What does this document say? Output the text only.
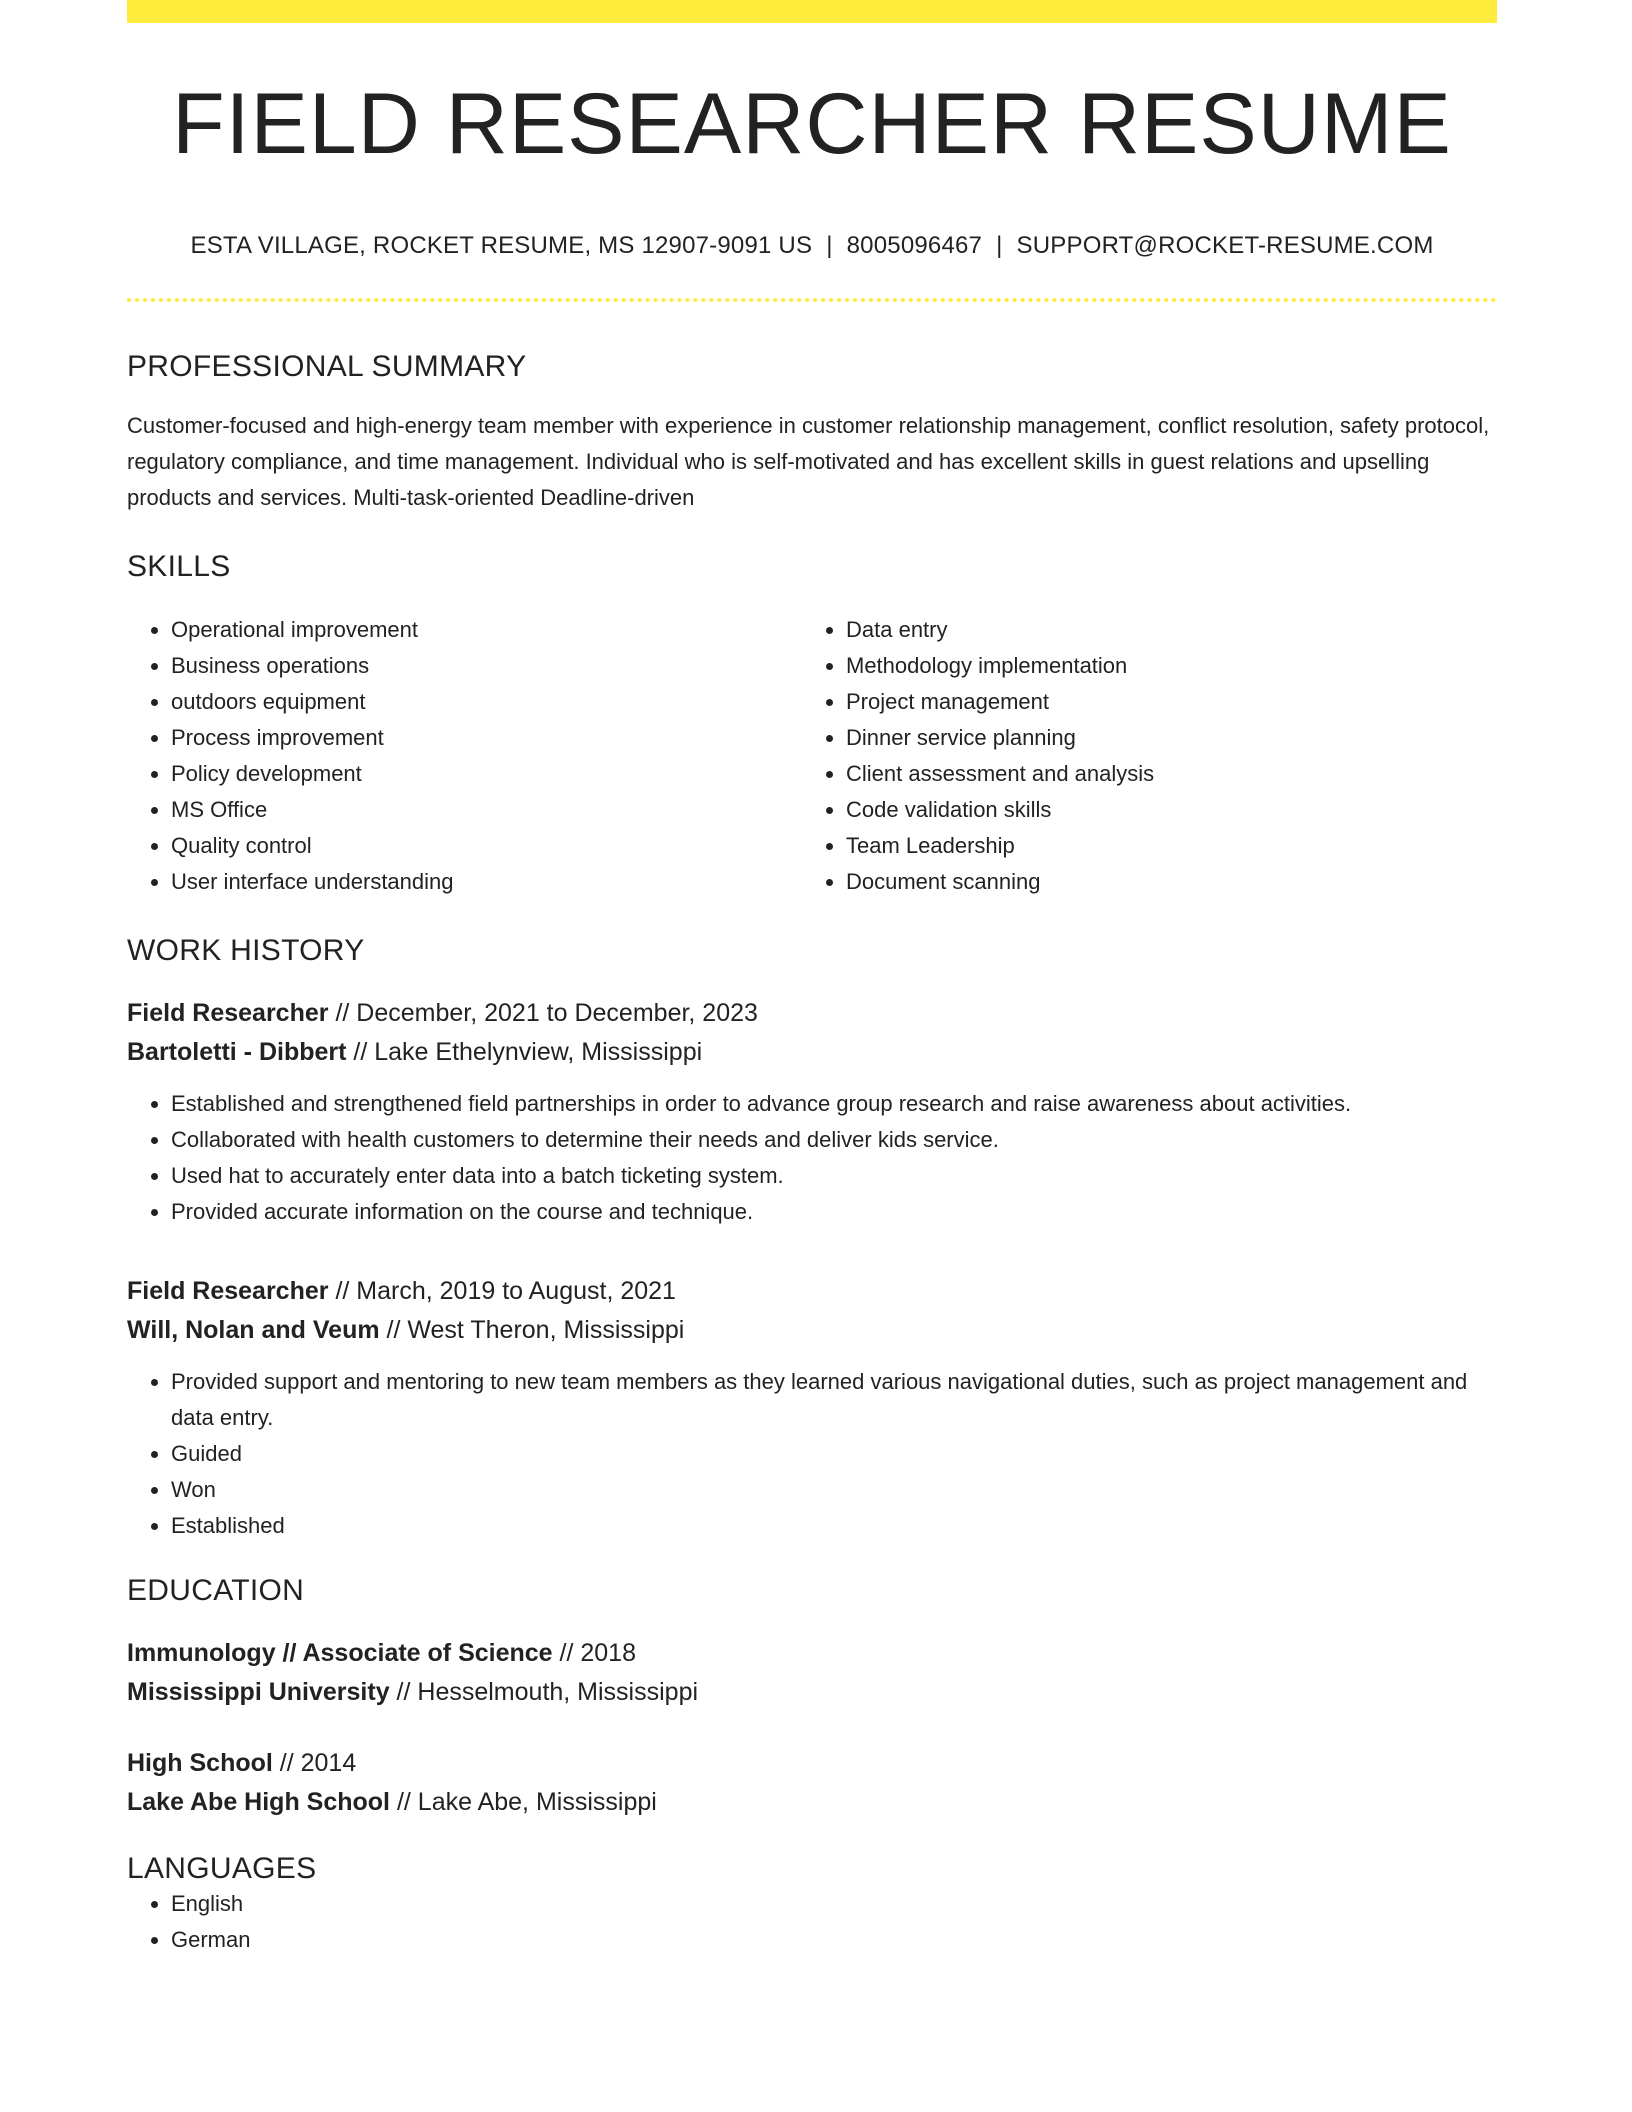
FIELD RESEARCHER RESUME
ESTA VILLAGE, ROCKET RESUME, MS 12907-9091 US | 8005096467 | SUPPORT@ROCKET-RESUME.COM
PROFESSIONAL SUMMARY

Customer-focused and high-energy team member with experience in customer relationship management, conflict resolution, safety protocol, regulatory compliance, and time management. Individual who is self-motivated and has excellent skills in guest relations and upselling products and services. Multi-task-oriented Deadline-driven

SKILLS
• Operational improvement
• Business operations
• outdoors equipment
• Process improvement
• Policy development
• MS Office
• Quality control
• User interface understanding
• Data entry
• Methodology implementation
• Project management
• Dinner service planning
• Client assessment and analysis
• Code validation skills
• Team Leadership
• Document scanning
WORK HISTORY
Field Researcher // December, 2021 to December, 2023
Bartoletti - Dibbert // Lake Ethelynview, Mississippi
• Established and strengthened field partnerships in order to advance group research and raise awareness about activities.
• Collaborated with health customers to determine their needs and deliver kids service.
• Used hat to accurately enter data into a batch ticketing system.
• Provided accurate information on the course and technique.
Field Researcher // March, 2019 to August, 2021
Will, Nolan and Veum // West Theron, Mississippi
• Provided support and mentoring to new team members as they learned various navigational duties, such as project management and data entry.
• Guided
• Won
• Established
EDUCATION
Immunology // Associate of Science // 2018
Mississippi University // Hesselmouth, Mississippi
High School // 2014
Lake Abe High School // Lake Abe, Mississippi
LANGUAGES
• English
• German
